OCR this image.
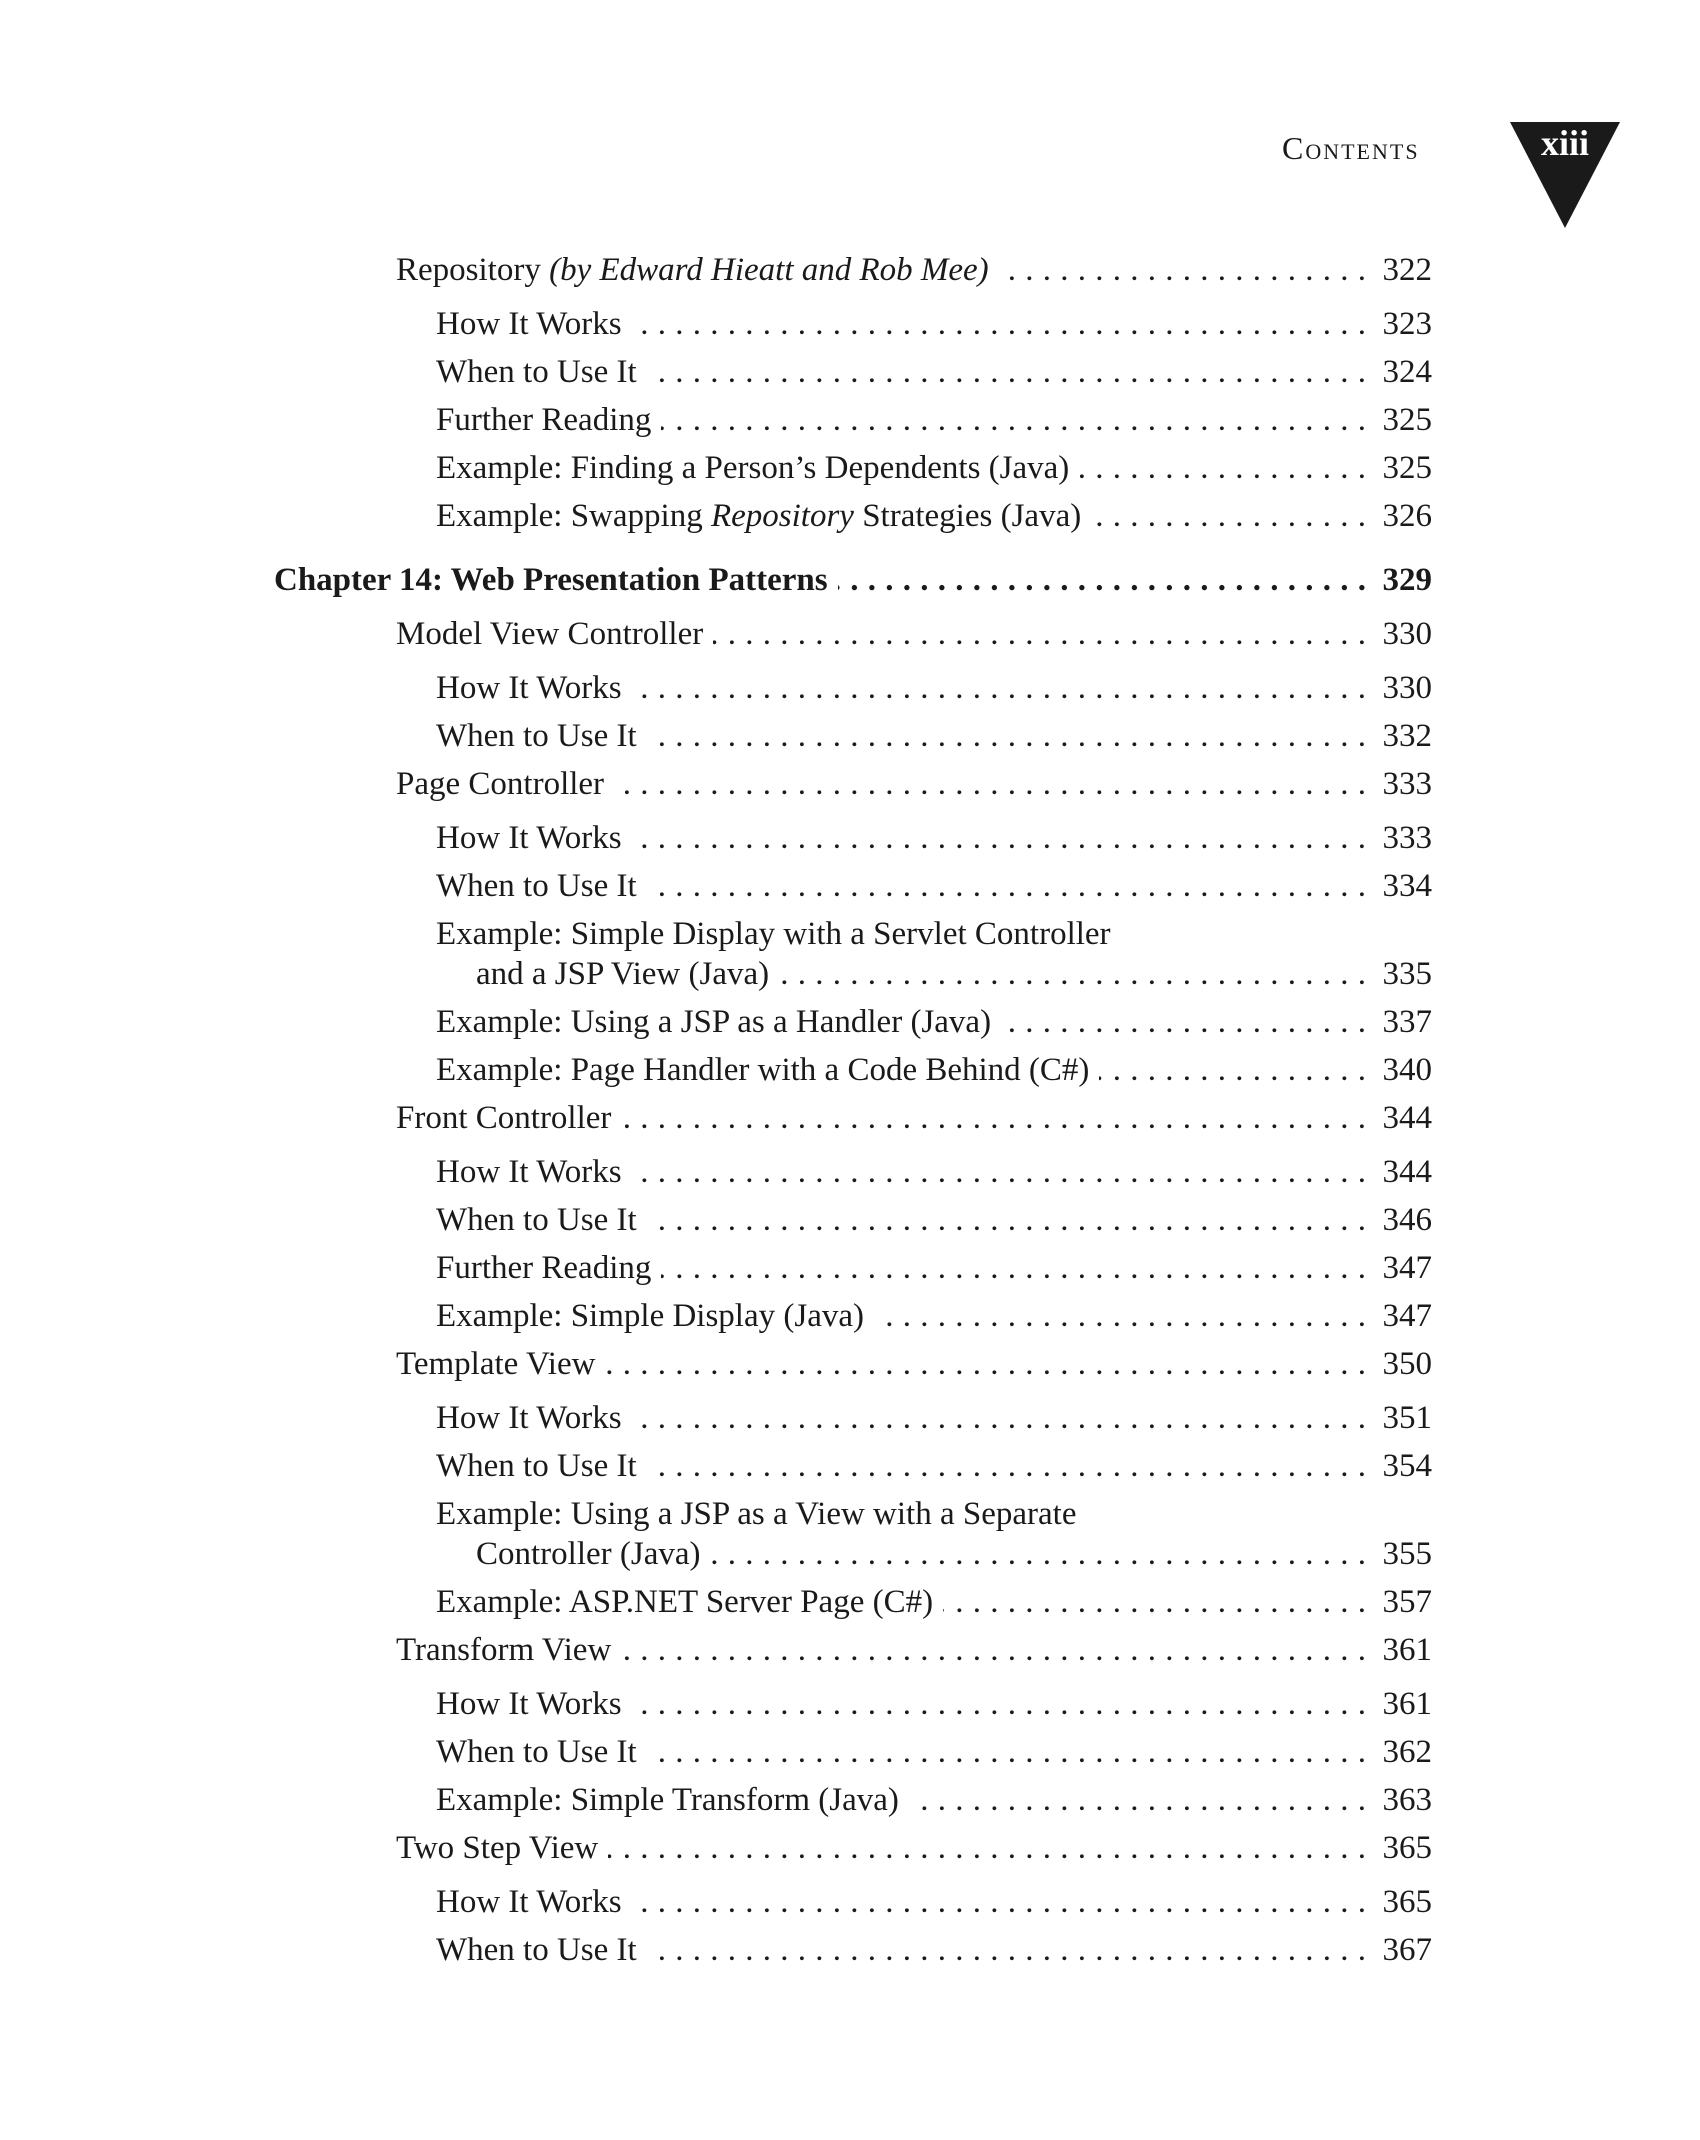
Contents	xiii
Repository (by Edward Hieatt and Rob Mee) . . .	322
How It Works . . .	323
When to Use It . . .	324
Further Reading . . .	325
Example: Finding a Person’s Dependents (Java) . . .	325
Example: Swapping Repository Strategies (Java) . . .	326
Chapter 14: Web Presentation Patterns . . .	329
Model View Controller . . .	330
How It Works . . .	330
When to Use It . . .	332
Page Controller . . .	333
How It Works . . .	333
When to Use It . . .	334
Example: Simple Display with a Servlet Controller
and a JSP View (Java) . . .	335
Example: Using a JSP as a Handler (Java) . . .	337
Example: Page Handler with a Code Behind (C#) . . .	340
Front Controller . . .	344
How It Works . . .	344
When to Use It . . .	346
Further Reading . . .	347
Example: Simple Display (Java) . . .	347
Template View . . .	350
How It Works . . .	351
When to Use It . . .	354
Example: Using a JSP as a View with a Separate
Controller (Java) . . .	355
Example: ASP.NET Server Page (C#) . . .	357
Transform View . . .	361
How It Works . . .	361
When to Use It . . .	362
Example: Simple Transform (Java) . . .	363
Two Step View . . .	365
How It Works . . .	365
When to Use It . . .	367
